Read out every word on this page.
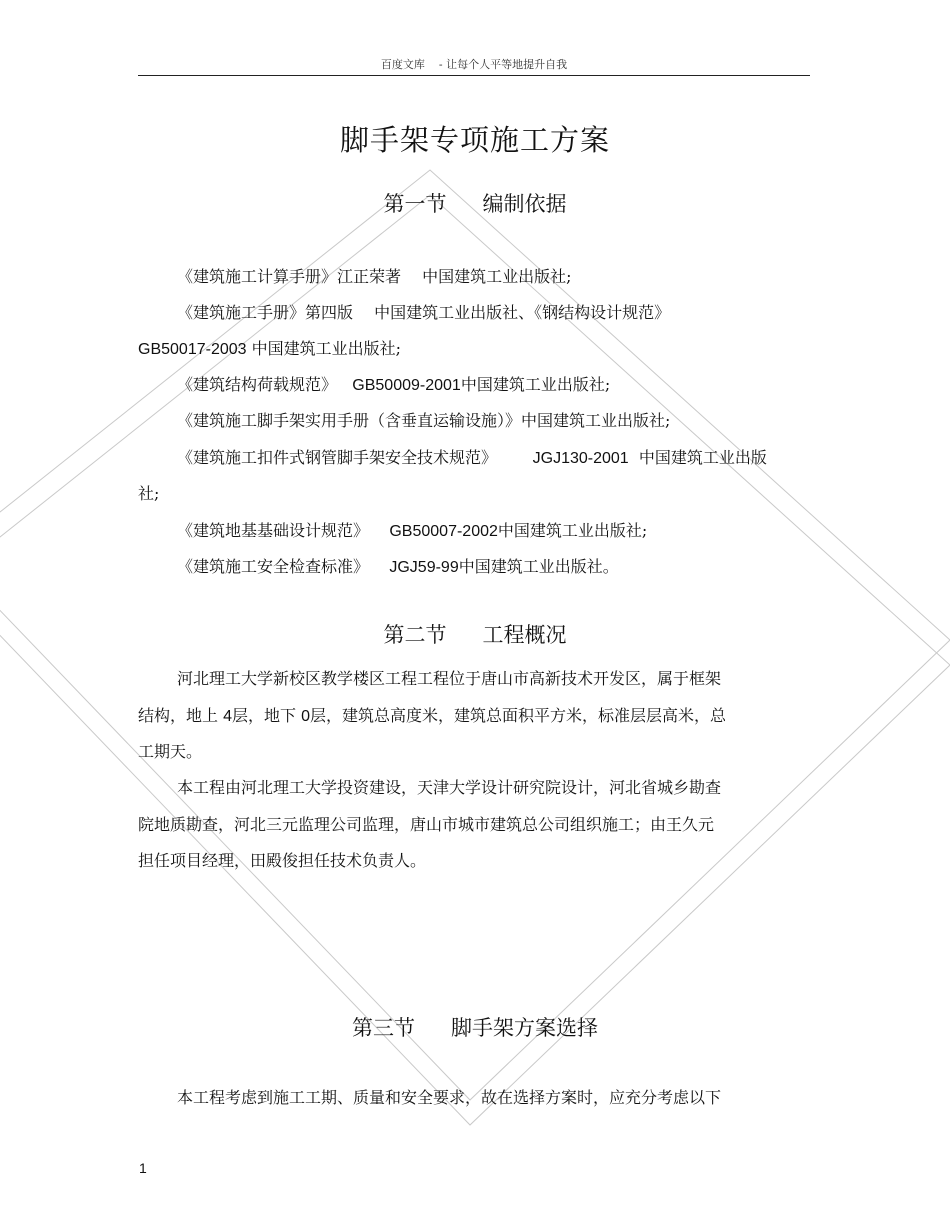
百度文库 - 让每个人平等地提升自我
脚手架专项施工方案
第一节 编制依据
《建筑施工计算手册》江正荣著　 中国建筑工业出版社;
《建筑施工手册》第四版　 中国建筑工业出版社、《钢结构设计规范》
GB50017-2003 中国建筑工业出版社;
《建筑结构荷载规范》 GB50009-2001中国建筑工业出版社;
《建筑施工脚手架实用手册（含垂直运输设施）》中国建筑工业出版社;
《建筑施工扣件式钢管脚手架安全技术规范》 JGJ130-2001 中国建筑工业出版
社;
《建筑地基基础设计规范》 GB50007-2002中国建筑工业出版社;
《建筑施工安全检查标准》 JGJ59-99中国建筑工业出版社。
第二节 工程概况
河北理工大学新校区教学楼区工程工程位于唐山市高新技术开发区，属于框架
结构，地上 4层，地下 0层，建筑总高度米，建筑总面积平方米，标准层层高米，总
工期天。
本工程由河北理工大学投资建设，天津大学设计研究院设计，河北省城乡勘查
院地质勘查，河北三元监理公司监理，唐山市城市建筑总公司组织施工；由王久元
担任项目经理，田殿俊担任技术负责人。
第三节 脚手架方案选择
本工程考虑到施工工期、质量和安全要求，故在选择方案时，应充分考虑以下
1
